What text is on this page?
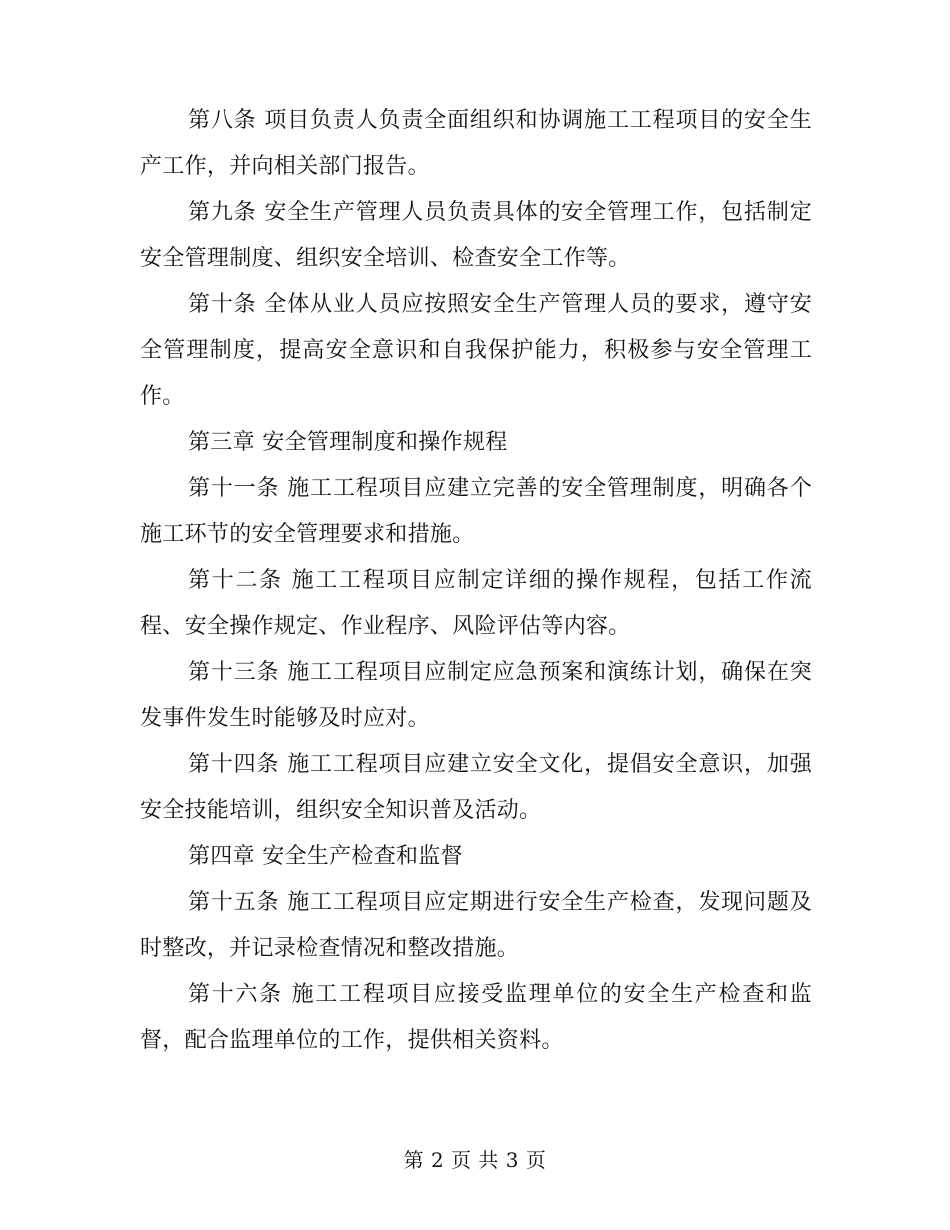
第八条 项目负责人负责全面组织和协调施工工程项目的安全生产工作，并向相关部门报告。

第九条 安全生产管理人员负责具体的安全管理工作，包括制定安全管理制度、组织安全培训、检查安全工作等。

第十条 全体从业人员应按照安全生产管理人员的要求，遵守安全管理制度，提高安全意识和自我保护能力，积极参与安全管理工作。

第三章 安全管理制度和操作规程

第十一条 施工工程项目应建立完善的安全管理制度，明确各个施工环节的安全管理要求和措施。

第十二条 施工工程项目应制定详细的操作规程，包括工作流程、安全操作规定、作业程序、风险评估等内容。

第十三条 施工工程项目应制定应急预案和演练计划，确保在突发事件发生时能够及时应对。

第十四条 施工工程项目应建立安全文化，提倡安全意识，加强安全技能培训，组织安全知识普及活动。

第四章 安全生产检查和监督

第十五条 施工工程项目应定期进行安全生产检查，发现问题及时整改，并记录检查情况和整改措施。

第十六条 施工工程项目应接受监理单位的安全生产检查和监督，配合监理单位的工作，提供相关资料。

第 2 页 共 3 页
